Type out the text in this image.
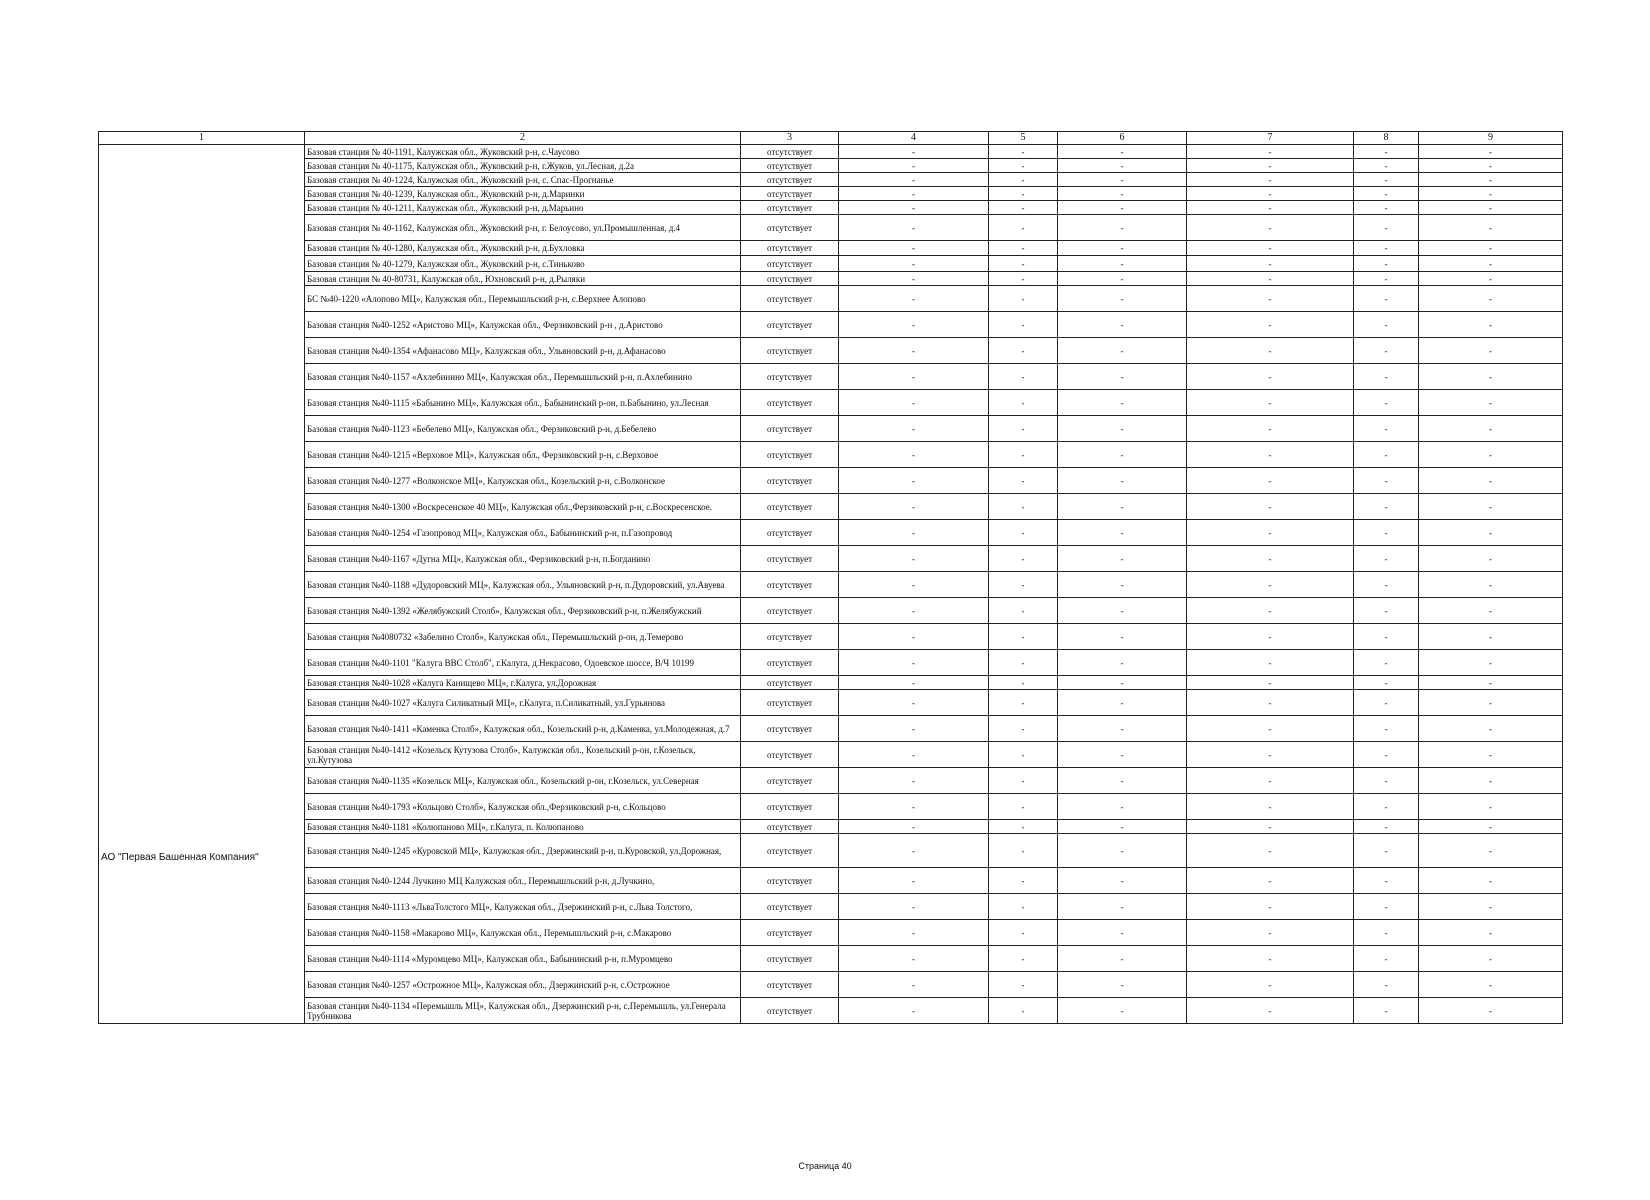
1	2	3	4	5	6	7	8	9
АО "Первая Башенная Компания"	Базовая станция № 40-1191, Калужская обл., Жуковский р-н, с.Чаусово	отсутствует	-	-	-	-	-	-
	Базовая станция № 40-1175, Калужская обл., Жуковский р-н, г.Жуков, ул.Лесная, д.2а	отсутствует	-	-	-	-	-	-
	Базовая станция № 40-1224, Калужская обл., Жуковский р-н, с. Спас-Прогнанье	отсутствует	-	-	-	-	-	-
	Базовая станция № 40-1239, Калужская обл., Жуковский р-н, д.Маринки	отсутствует	-	-	-	-	-	-
	Базовая станция № 40-1211, Калужская обл., Жуковский р-н, д.Марьино	отсутствует	-	-	-	-	-	-
	Базовая станция № 40-1162, Калужская обл., Жуковский р-н, г. Белоусово, ул.Промышленная, д.4	отсутствует	-	-	-	-	-	-
	Базовая станция № 40-1280, Калужская обл., Жуковский р-н, д.Бухловка	отсутствует	-	-	-	-	-	-
	Базовая станция № 40-1279, Калужская обл., Жуковский р-н, с.Тиньково	отсутствует	-	-	-	-	-	-
	Базовая станция № 40-80731, Калужская обл., Юхновский р-н, д.Рыляки	отсутствует	-	-	-	-	-	-
	БС №40-1220 «Алопово МЦ», Калужская обл., Перемышльский р-н, с.Верхнее Алопово	отсутствует	-	-	-	-	-	-
	Базовая станция №40-1252 «Аристово МЦ», Калужская обл., Ферзиковский р-н , д.Аристово	отсутствует	-	-	-	-	-	-
	Базовая станция №40-1354 «Афанасово МЦ», Калужская обл., Ульяновский р-н, д.Афанасово	отсутствует	-	-	-	-	-	-
	Базовая станция №40-1157 «Ахлебинино МЦ», Калужская обл., Перемышльский р-н, п.Ахлебинино	отсутствует	-	-	-	-	-	-
	Базовая станция №40-1115 «Бабынино МЦ», Калужская обл., Бабынинский р-он, п.Бабынино, ул.Лесная	отсутствует	-	-	-	-	-	-
	Базовая станция №40-1123 «Бебелево МЦ», Калужская обл., Ферзиковский р-н, д.Бебелево	отсутствует	-	-	-	-	-	-
	Базовая станция №40-1215 «Верховое МЦ», Калужская обл., Ферзиковский р-н, с.Верховое	отсутствует	-	-	-	-	-	-
	Базовая станция №40-1277 «Волконское МЦ», Калужская обл., Козельский р-н, с.Волконское	отсутствует	-	-	-	-	-	-
	Базовая станция №40-1300 «Воскресенское 40 МЦ», Калужская обл.,Ферзиковский р-н, с.Воскресенское.	отсутствует	-	-	-	-	-	-
	Базовая станция №40-1254 «Газопровод МЦ», Калужская обл., Бабынинский р-н, п.Газопровод	отсутствует	-	-	-	-	-	-
	Базовая станция №40-1167 «Дугна МЦ», Калужская обл., Ферзиковский р-н, п.Богданино	отсутствует	-	-	-	-	-	-
	Базовая станция №40-1188 «Дудоровский МЦ», Калужская обл., Ульяновский р-н, п.Дудоровский, ул.Авуева	отсутствует	-	-	-	-	-	-
	Базовая станция №40-1392 «Желябужский Столб», Калужская обл., Ферзиковский р-н, п.Желябужский	отсутствует	-	-	-	-	-	-
	Базовая станция №4080732 «Забелино Столб», Калужская обл., Перемышльский р-он, д.Темерово	отсутствует	-	-	-	-	-	-
	Базовая станция №40-1101 "Калуга ВВС Столб", г.Калуга, д.Некрасово, Одоевское шоссе, В/Ч 10199	отсутствует	-	-	-	-	-	-
	Базовая станция №40-1028 «Калуга Канищево МЦ», г.Калуга, ул.Дорожная	отсутствует	-	-	-	-	-	-
	Базовая станция №40-1027 «Калуга Силикатный МЦ», г.Калуга, п.Силикатный, ул.Гурьянова	отсутствует	-	-	-	-	-	-
	Базовая станция №40-1411 «Каменка Столб», Калужская обл., Козельский р-н, д.Каменка, ул.Молодежная, д.7	отсутствует	-	-	-	-	-	-
	Базовая станция №40-1412 «Козельск Кутузова Столб», Калужская обл., Козельский р-он, г.Козельск, ул.Кутузова	отсутствует	-	-	-	-	-	-
	Базовая станция №40-1135 «Козельск МЦ», Калужская обл., Козельский р-он, г.Козельск, ул.Северная	отсутствует	-	-	-	-	-	-
	Базовая станция №40-1793 «Кольцово Столб», Калужская обл.,Ферзиковский р-н, с.Кольцово	отсутствует	-	-	-	-	-	-
	Базовая станция №40-1181 «Колюпаново МЦ», г.Калуга, п. Колюпаново	отсутствует	-	-	-	-	-	-
	Базовая станция №40-1245 «Куровской МЦ», Калужская обл., Дзержинский р-н, п.Куровской, ул.Дорожная,	отсутствует	-	-	-	-	-	-
	Базовая станция №40-1244 Лучкино МЦ Калужская обл., Перемышльский р-н, д.Лучкино,	отсутствует	-	-	-	-	-	-
	Базовая станция №40-1113 «ЛьваТолстого МЦ», Калужская обл., Дзержинский р-н, с.Льва Толстого,	отсутствует	-	-	-	-	-	-
	Базовая станция №40-1158 «Макарово МЦ», Калужская обл., Перемышльский р-н, с.Макарово	отсутствует	-	-	-	-	-	-
	Базовая станция №40-1114 «Муромцево МЦ», Калужская обл., Бабынинский р-н, п.Муромцево	отсутствует	-	-	-	-	-	-
	Базовая станция №40-1257 «Острожное МЦ», Калужская обл., Дзержинский р-н, с.Острожное	отсутствует	-	-	-	-	-	-
	Базовая станция №40-1134 «Перемышль МЦ», Калужская обл., Дзержинский р-н, с.Перемышль, ул.Генерала Трубникова	отсутствует	-	-	-	-	-	-
Страница 40
